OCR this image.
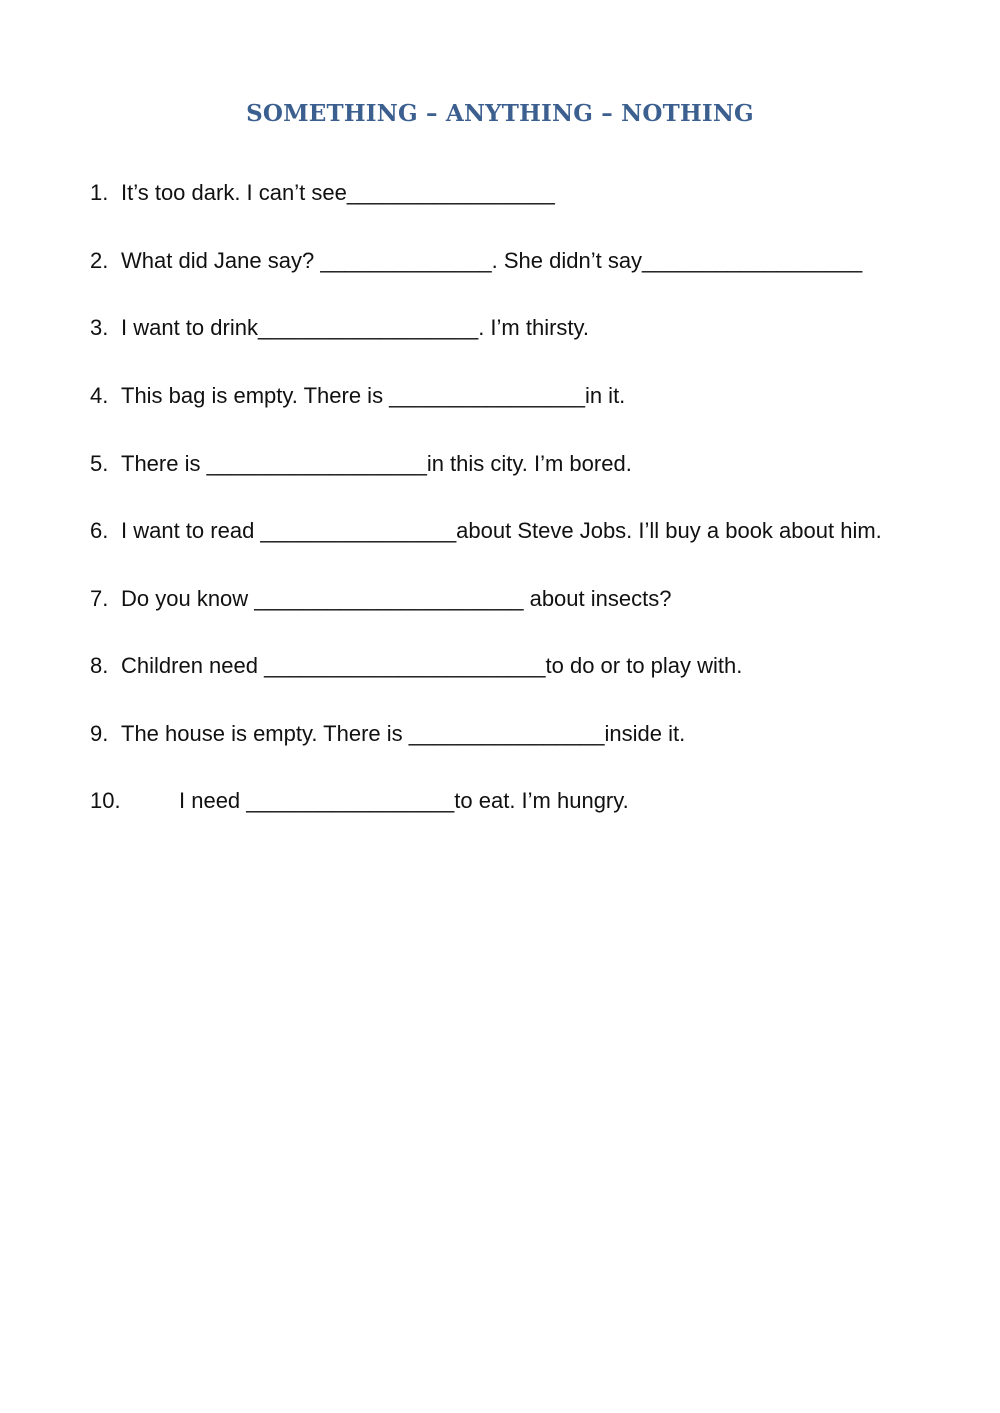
SOMETHING – ANYTHING – NOTHING
1. It’s too dark. I can’t see_________________
2. What did Jane say? ______________. She didn’t say__________________
3. I want to drink__________________. I’m thirsty.
4. This bag is empty. There is ________________in it.
5. There is __________________in this city. I’m bored.
6. I want to read ________________about Steve Jobs. I’ll buy a book about him.
7. Do you know ______________________ about insects?
8. Children need _______________________to do or to play with.
9. The house is empty. There is ________________inside it.
10.	I need _________________to eat. I’m hungry.
